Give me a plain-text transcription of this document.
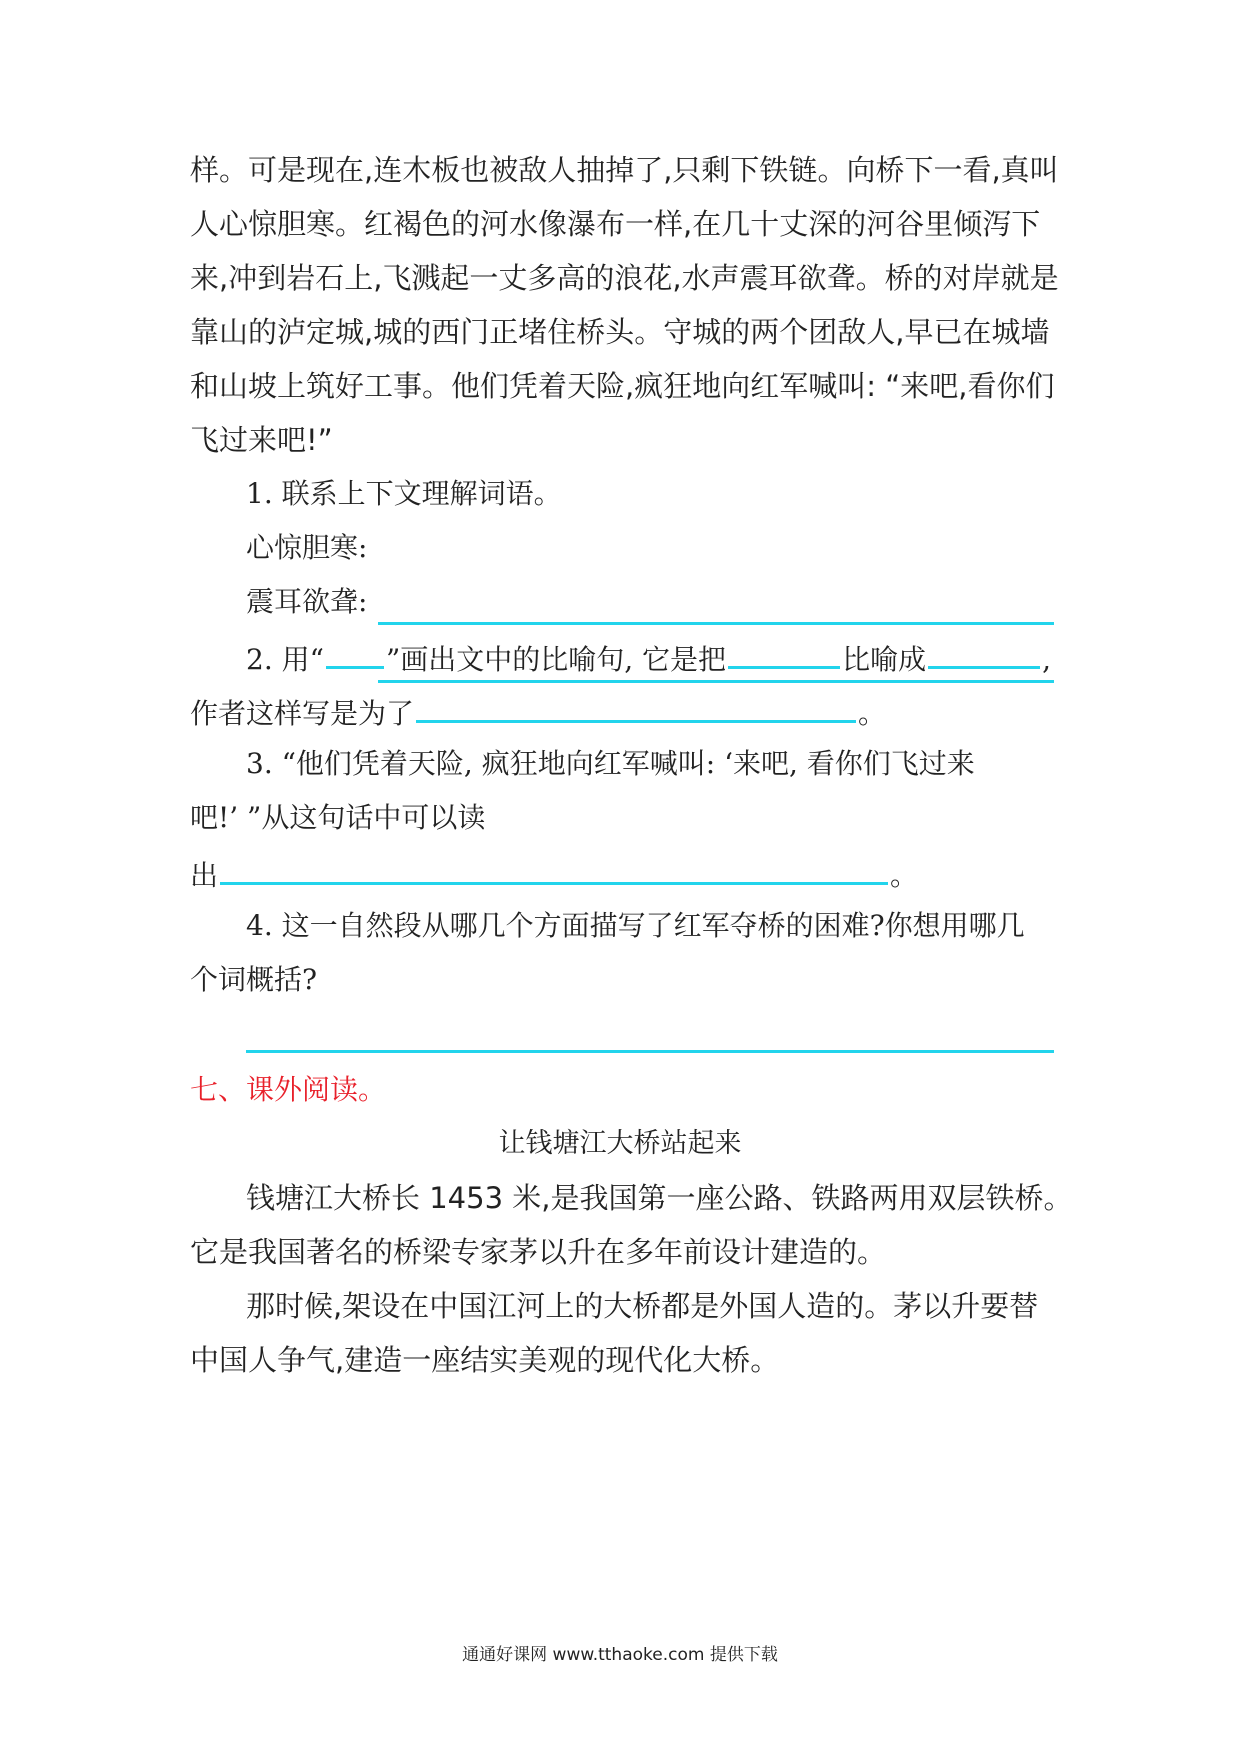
样。可是现在,连木板也被敌人抽掉了,只剩下铁链。向桥下一看,真叫
人心惊胆寒。红褐色的河水像瀑布一样,在几十丈深的河谷里倾泻下
来,冲到岩石上,飞溅起一丈多高的浪花,水声震耳欲聋。桥的对岸就是
靠山的泸定城,城的西门正堵住桥头。守城的两个团敌人,早已在城墙
和山坡上筑好工事。他们凭着天险,疯狂地向红军喊叫: “来吧,看你们
飞过来吧!”
1. 联系上下文理解词语。
心惊胆寒:
震耳欲聋:
2. 用“ ”画出文中的比喻句, 它是把	比喻成	,
作者这样写是为了	。
3. “他们凭着天险, 疯狂地向红军喊叫: ‘来吧, 看你们飞过来
吧!’ ”从这句话中可以读
出	。
4. 这一自然段从哪几个方面描写了红军夺桥的困难?你想用哪几
个词概括?
七、课外阅读。
让钱塘江大桥站起来
钱塘江大桥长 1453 米,是我国第一座公路、铁路两用双层铁桥。
它是我国著名的桥梁专家茅以升在多年前设计建造的。
那时候,架设在中国江河上的大桥都是外国人造的。茅以升要替
中国人争气,建造一座结实美观的现代化大桥。
通通好课网 www.tthaoke.com 提供下载
